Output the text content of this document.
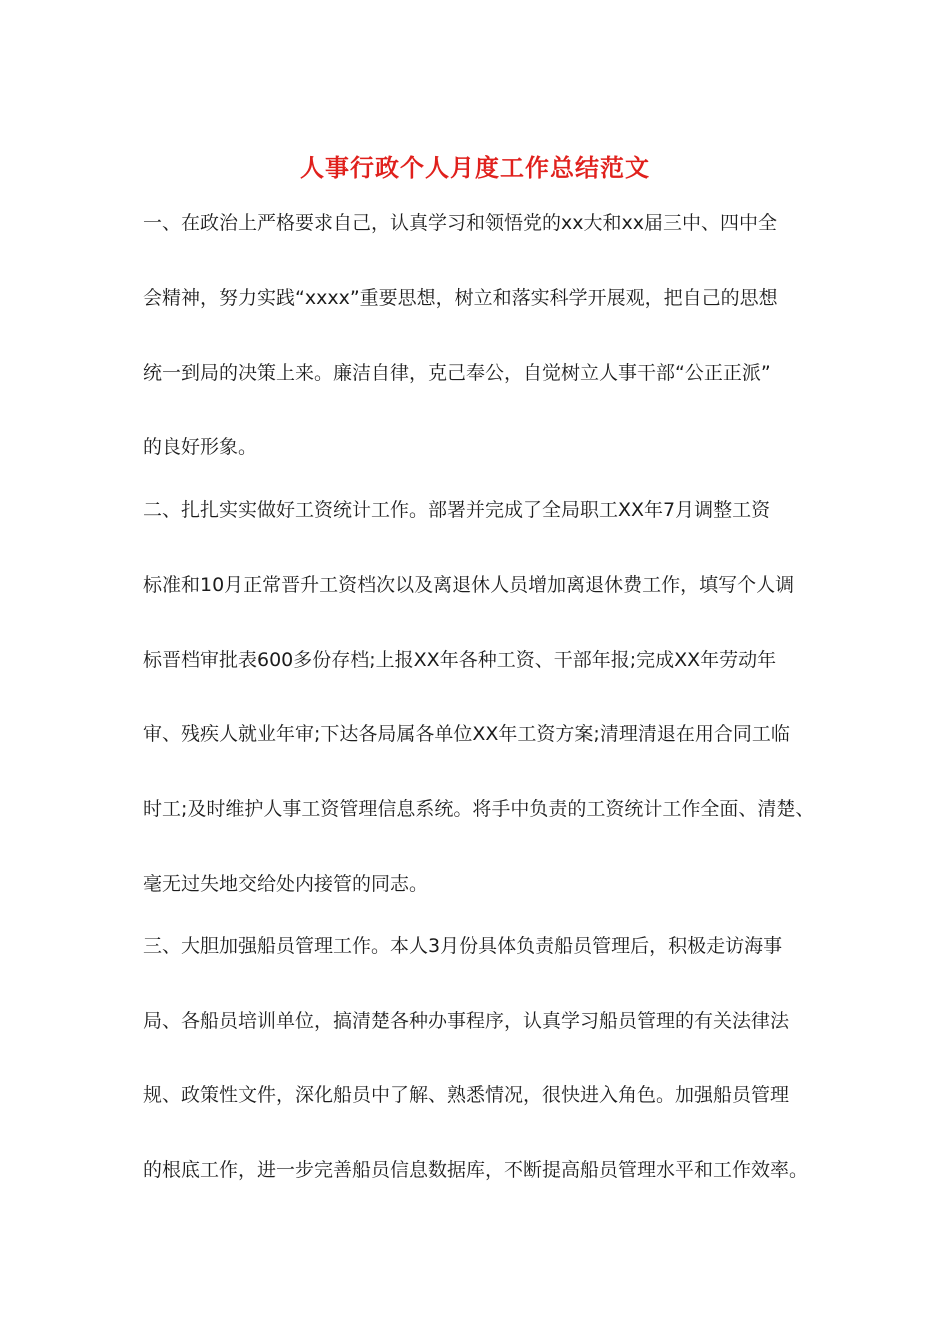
人事行政个人月度工作总结范文
一、在政治上严格要求自己，认真学习和领悟党的xx大和xx届三中、四中全
会精神，努力实践“xxxx”重要思想，树立和落实科学开展观，把自己的思想
统一到局的决策上来。廉洁自律，克己奉公，自觉树立人事干部“公正正派”
的良好形象。
二、扎扎实实做好工资统计工作。部署并完成了全局职工XX年7月调整工资
标准和10月正常晋升工资档次以及离退休人员增加离退休费工作，填写个人调
标晋档审批表600多份存档;上报XX年各种工资、干部年报;完成XX年劳动年
审、残疾人就业年审;下达各局属各单位XX年工资方案;清理清退在用合同工临
时工;及时维护人事工资管理信息系统。将手中负责的工资统计工作全面、清楚、
毫无过失地交给处内接管的同志。
三、大胆加强船员管理工作。本人3月份具体负责船员管理后，积极走访海事
局、各船员培训单位，搞清楚各种办事程序，认真学习船员管理的有关法律法
规、政策性文件，深化船员中了解、熟悉情况，很快进入角色。加强船员管理
的根底工作，进一步完善船员信息数据库，不断提高船员管理水平和工作效率。
